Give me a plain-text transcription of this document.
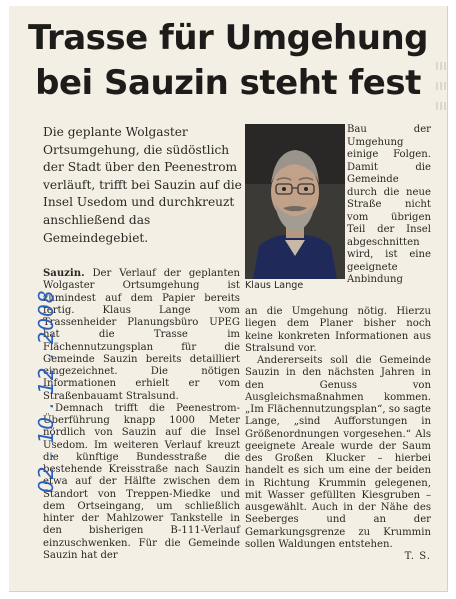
Trasse für Umgehung
bei Sauzin steht fest

Die geplante Wolgaster Ortsumgehung, die südöstlich der Stadt über den Peenestrom verläuft, trifft bei Sauzin auf die Insel Usedom und durchkreuzt anschließend das Gemeindegebiet.

Klaus Lange

Bau der Umgehung einige Folgen. Damit die Gemeinde durch die neue Straße nicht vom übrigen Teil der Insel abgeschnitten wird, ist eine geeignete Anbindung

Sauzin. Der Verlauf der geplanten Wolgaster Ortsumgehung ist zumindest auf dem Papier bereits fertig. Klaus Lange vom Trassenheider Planungsbüro UPEG hat die Trasse im Flächennutzungsplan für die Gemeinde Sauzin bereits detailliert eingezeichnet. Die nötigen Informationen erhielt er vom Straßenbauamt Stralsund.

Demnach trifft die Peenestrom-Überführung knapp 1000 Meter nördlich von Sauzin auf die Insel Usedom. Im weiteren Verlauf kreuzt die künftige Bundesstraße die bestehende Kreisstraße nach Sauzin etwa auf der Hälfte zwischen dem Standort von Treppen-Miedke und dem Ortseingang, um schließlich hinter der Mahlzower Tankstelle in den bisherigen B-111-Verlauf einzuschwenken. Für die Gemeinde Sauzin hat der

an die Umgehung nötig. Hierzu liegen dem Planer bisher noch keine konkreten Informationen aus Stralsund vor.

Andererseits soll die Gemeinde Sauzin in den nächsten Jahren in den Genuss von Ausgleichsmaßnahmen kommen. „Im Flächennutzungsplan“, so sagte Lange, „sind Aufforstungen in Größenordnungen vorgesehen.“ Als geeignete Areale wurde der Saum des Großen Klucker – hierbei handelt es sich um eine der beiden in Richtung Krummin gelegenen, mit Wasser gefüllten Kiesgruben – ausgewählt. Auch in der Nähe des Seeberges und an der Gemarkungsgrenze zu Krummin sollen Waldungen entstehen.

T. S.

02 . 10 . 12 . 2008
